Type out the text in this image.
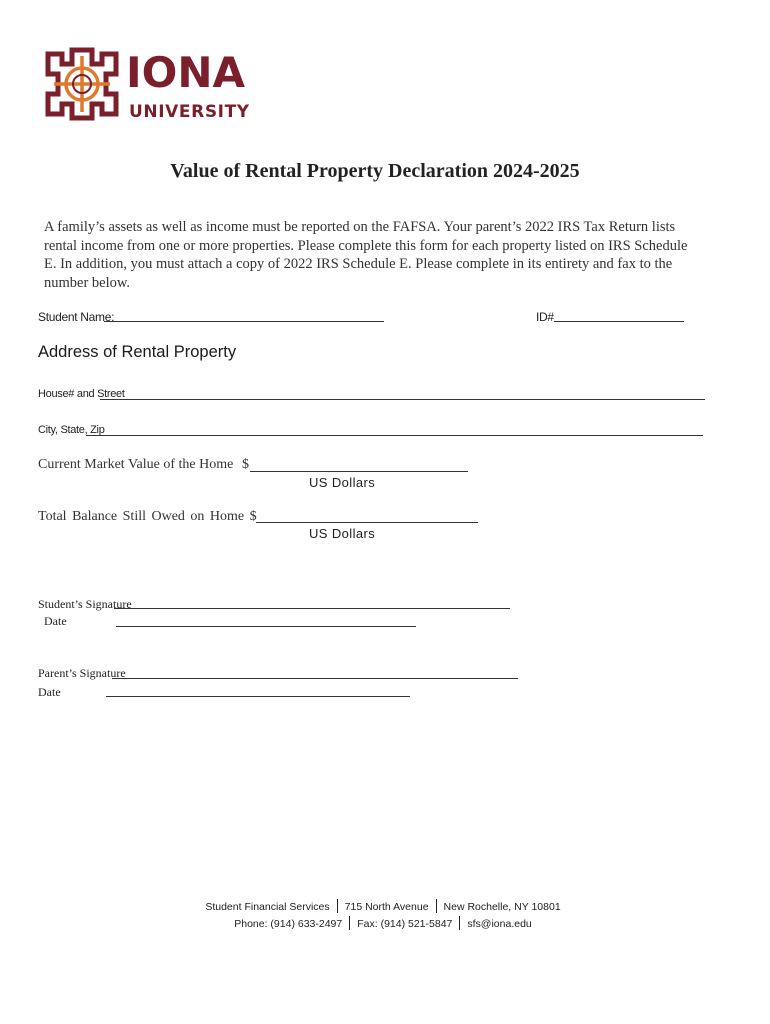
IONA
UNIVERSITY
Value of Rental Property Declaration 2024-2025
A family’s assets as well as income must be reported on the FAFSA. Your parent’s 2022 IRS Tax Return lists rental income from one or more properties. Please complete this form for each property listed on IRS Schedule E. In addition, you must attach a copy of 2022 IRS Schedule E. Please complete in its entirety and fax to the number below.
Student Name:	ID#
Address of Rental Property
House# and Street
City, State, Zip
Current Market Value of the Home $
US Dollars
Total Balance Still Owed on Home $
US Dollars
Student’s Signature
Date
Parent’s Signature
Date
Student Financial Services 715 North Avenue New Rochelle, NY 10801
Phone: (914) 633-2497 Fax: (914) 521-5847 sfs@iona.edu
